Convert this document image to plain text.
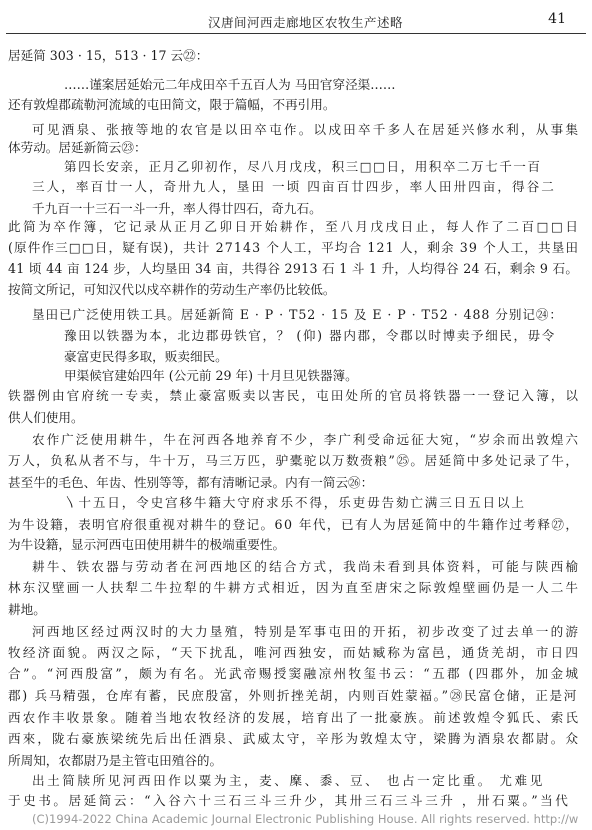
汉唐间河西走廊地区农牧生产述略	41
居延简 303 · 15，513 · 17 云㉒：
……谨案居延始元二年戍田卒千五百人为 马田官穿泾渠……
还有敦煌郡疏勒河流域的屯田简文，限于篇幅，不再引用。
可见酒泉、张掖等地的农官是以田卒屯作。以戍田卒千多人在居延兴修水利，从事集
体劳动。居延新简云㉓：
第四长安亲，正月乙卯初作，尽八月戊戌，积三□□日，用积卒二万七千一百
三人，率百廿一人，奇卅九人，垦田 一顷 四亩百廿四步，率人田卅四亩，得谷二
千九百一十三石一斗一升，率人得廿四石，奇九石。
此简为卒作簿，它记录从正月乙卯日开始耕作，至八月戊戌日止，每人作了二百□□日
(原件作三□□日，疑有误)，共计 27143 个人工，平均合 121 人，剩余 39 个人工，共垦田
41 顷 44 亩 124 步，人均垦田 34 亩，共得谷 2913 石 1 斗 1 升，人均得谷 24 石，剩余 9 石。
按简文所记，可知汉代以戍卒耕作的劳动生产率仍比较低。
垦田已广泛使用铁工具。居延新简 E · P · T52 · 15 及 E · P · T52 · 488 分别记㉔：
豫田以铁器为本，北边郡毋铁官，？ (仰) 器内郡，令郡以时博卖予细民，毋令
豪富吏民得多取，贩卖细民。
甲渠候官建始四年 (公元前 29 年) 十月旦见铁器簿。
铁器例由官府统一专卖，禁止豪富贩卖以害民，屯田处所的官员将铁器一一登记入簿，以
供人们使用。
农作广泛使用耕牛，牛在河西各地养育不少，李广利受命远征大宛，“岁余而出敦煌六
万人，负私从者不与，牛十万，马三万匹，驴橐驼以万数赍粮”㉕。居延简中多处记录了牛，
甚至牛的毛色、年齿、性别等等，都有清晰记录。内有一简云㉖：
〵十五日，令史宫移牛籍大守府求乐不得，乐吏毋告劾亡满三日五日以上
为牛设籍，表明官府很重视对耕牛的登记。60 年代，已有人为居延简中的牛籍作过考释㉗，
为牛设籍，显示河西屯田使用耕牛的极端重要性。
耕牛、铁农器与劳动者在河西地区的结合方式，我尚未看到具体资料，可能与陕西榆
林东汉壁画一人扶犁二牛拉犁的牛耕方式相近，因为直至唐宋之际敦煌壁画仍是一人二牛
耕地。
河西地区经过两汉时的大力垦殖，特别是军事屯田的开拓，初步改变了过去单一的游
牧经济面貌。两汉之际，“天下扰乱，唯河西独安，而姑臧称为富邑，通货羌胡，市日四
合”。“河西殷富”，颇为有名。光武帝赐授窦融凉州牧玺书云：“五郡 (四郡外，加金城
郡) 兵马精强，仓库有蓄，民庶殷富，外则折挫羌胡，内则百姓蒙福。”㉘民富仓储，正是河
西农作丰收景象。随着当地农牧经济的发展，培育出了一批豪族。前述敦煌令狐氏、索氏
西來，陇右豪族梁统先后出任酒泉、武威太守，辛彤为敦煌太守，梁腾为酒泉农都尉。众
所周知，农都尉乃是主管屯田殖谷的。
出土简牍所见河西田作以粟为主，麦、穈、黍、豆、 也占一定比重。 尤难见
于史书。居延简云：“入谷六十三石三斗三升少，其卅三石三斗三升 ，卅石粟。”当代
(C)1994-2022 China Academic Journal Electronic Publishing House. All rights reserved. http://w
